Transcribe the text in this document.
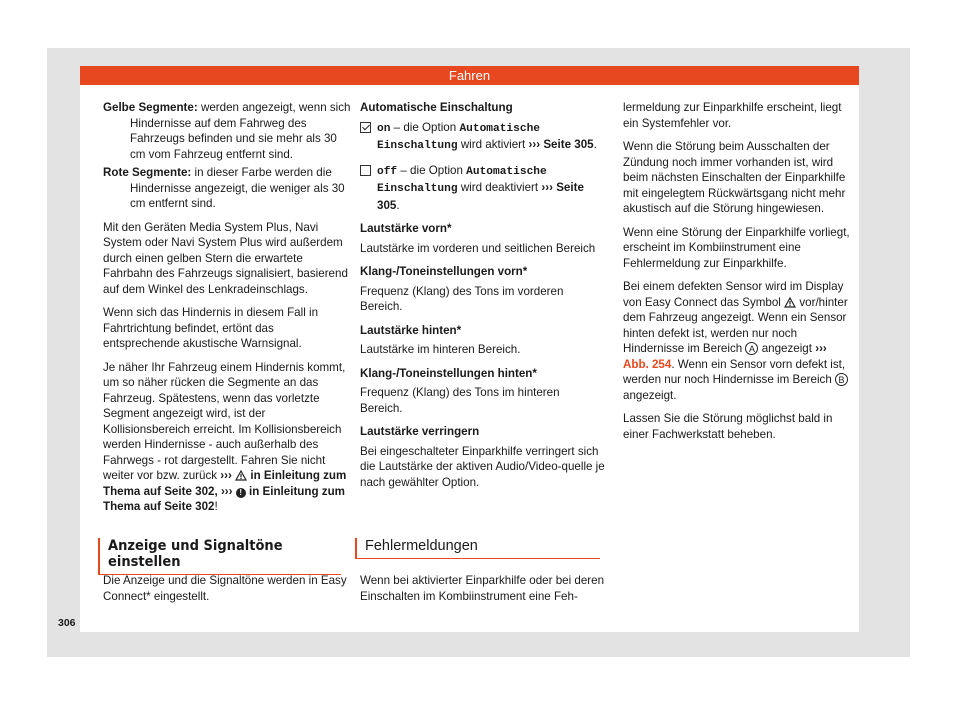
Fahren

Gelbe Segmente: werden angezeigt, wenn sich Hindernisse auf dem Fahrweg des Fahrzeugs befinden und sie mehr als 30 cm vom Fahrzeug entfernt sind.

Rote Segmente: in dieser Farbe werden die Hindernisse angezeigt, die weniger als 30 cm entfernt sind.

Mit den Geräten Media System Plus, Navi System oder Navi System Plus wird außerdem durch einen gelben Stern die erwartete Fahrbahn des Fahrzeugs signalisiert, basierend auf dem Winkel des Lenkradeinschlags.

Wenn sich das Hindernis in diesem Fall in Fahrtrichtung befindet, ertönt das entsprechende akustische Warnsignal.

Je näher Ihr Fahrzeug einem Hindernis kommt, um so näher rücken die Segmente an das Fahrzeug. Spätestens, wenn das vorletzte Segment angezeigt wird, ist der Kollisionsbereich erreicht. Im Kollisionsbereich werden Hindernisse - auch außerhalb des Fahrwegs - rot dargestellt. Fahren Sie nicht weiter vor bzw. zurück ››› in Einleitung zum Thema auf Seite 302, ››› ! in Einleitung zum Thema auf Seite 302!

Automatische Einschaltung

on – die Option Automatische Einschaltung wird aktiviert ››› Seite 305.

off – die Option Automatische Einschaltung wird deaktiviert ››› Seite 305.

Lautstärke vorn*

Lautstärke im vorderen und seitlichen Bereich

Klang-/Toneinstellungen vorn*

Frequenz (Klang) des Tons im vorderen Bereich.

Lautstärke hinten*

Lautstärke im hinteren Bereich.

Klang-/Toneinstellungen hinten*

Frequenz (Klang) des Tons im hinteren Bereich.

Lautstärke verringern

Bei eingeschalteter Einparkhilfe verringert sich die Lautstärke der aktiven Audio/Video-quelle je nach gewählter Option.

lermeldung zur Einparkhilfe erscheint, liegt ein Systemfehler vor.

Wenn die Störung beim Ausschalten der Zündung noch immer vorhanden ist, wird beim nächsten Einschalten der Einparkhilfe mit eingelegtem Rückwärtsgang nicht mehr akustisch auf die Störung hingewiesen.

Wenn eine Störung der Einparkhilfe vorliegt, erscheint im Kombiinstrument eine Fehlermeldung zur Einparkhilfe.

Bei einem defekten Sensor wird im Display von Easy Connect das Symbol vor/hinter dem Fahrzeug angezeigt. Wenn ein Sensor hinten defekt ist, werden nur noch Hindernisse im Bereich A angezeigt ››› Abb. 254. Wenn ein Sensor vorn defekt ist, werden nur noch Hindernisse im Bereich B angezeigt.

Lassen Sie die Störung möglichst bald in einer Fachwerkstatt beheben.

Anzeige und Signaltöne einstellen
Die Anzeige und die Signaltöne werden in Easy Connect* eingestellt.
Fehlermeldungen
Wenn bei aktivierter Einparkhilfe oder bei deren Einschalten im Kombiinstrument eine Feh-
306
